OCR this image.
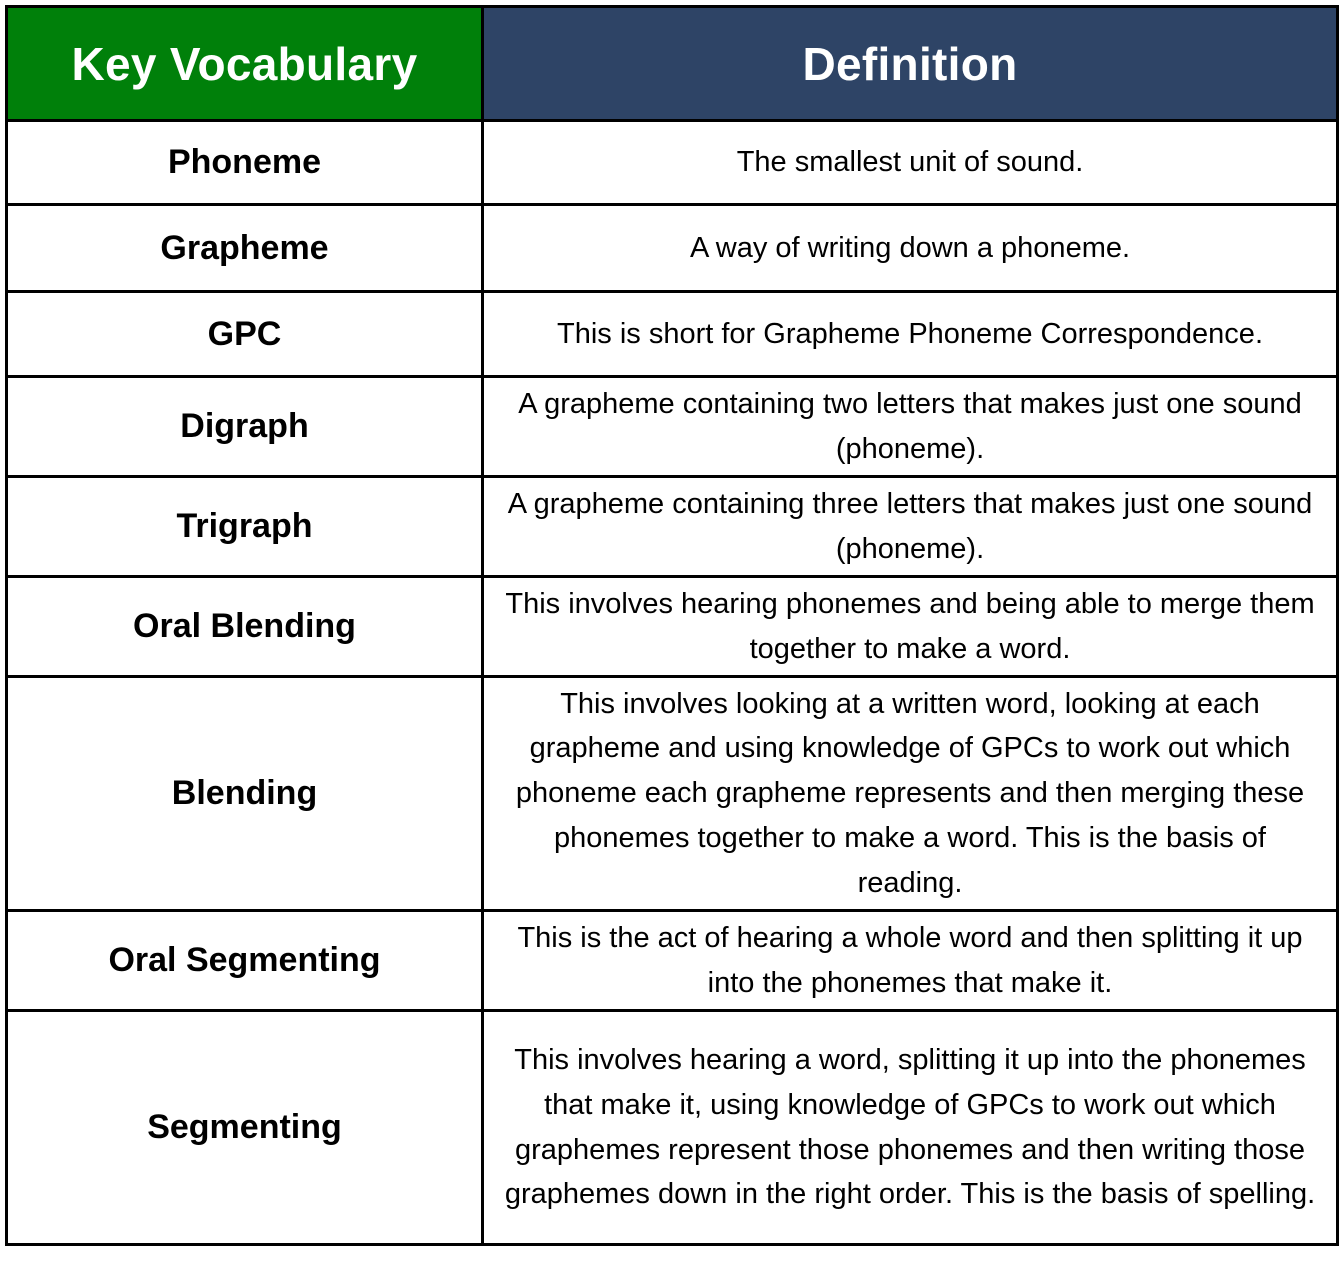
Key Vocabulary	Definition
Phoneme	The smallest unit of sound.
Grapheme	A way of writing down a phoneme.
GPC	This is short for Grapheme Phoneme Correspondence.
Digraph	A grapheme containing two letters that makes just one sound (phoneme).
Trigraph	A grapheme containing three letters that makes just one sound (phoneme).
Oral Blending	This involves hearing phonemes and being able to merge them together to make a word.
Blending	This involves looking at a written word, looking at each grapheme and using knowledge of GPCs to work out which phoneme each grapheme represents and then merging these phonemes together to make a word. This is the basis of reading.
Oral Segmenting	This is the act of hearing a whole word and then splitting it up into the phonemes that make it.
Segmenting	This involves hearing a word, splitting it up into the phonemes that make it, using knowledge of GPCs to work out which graphemes represent those phonemes and then writing those graphemes down in the right order. This is the basis of spelling.
